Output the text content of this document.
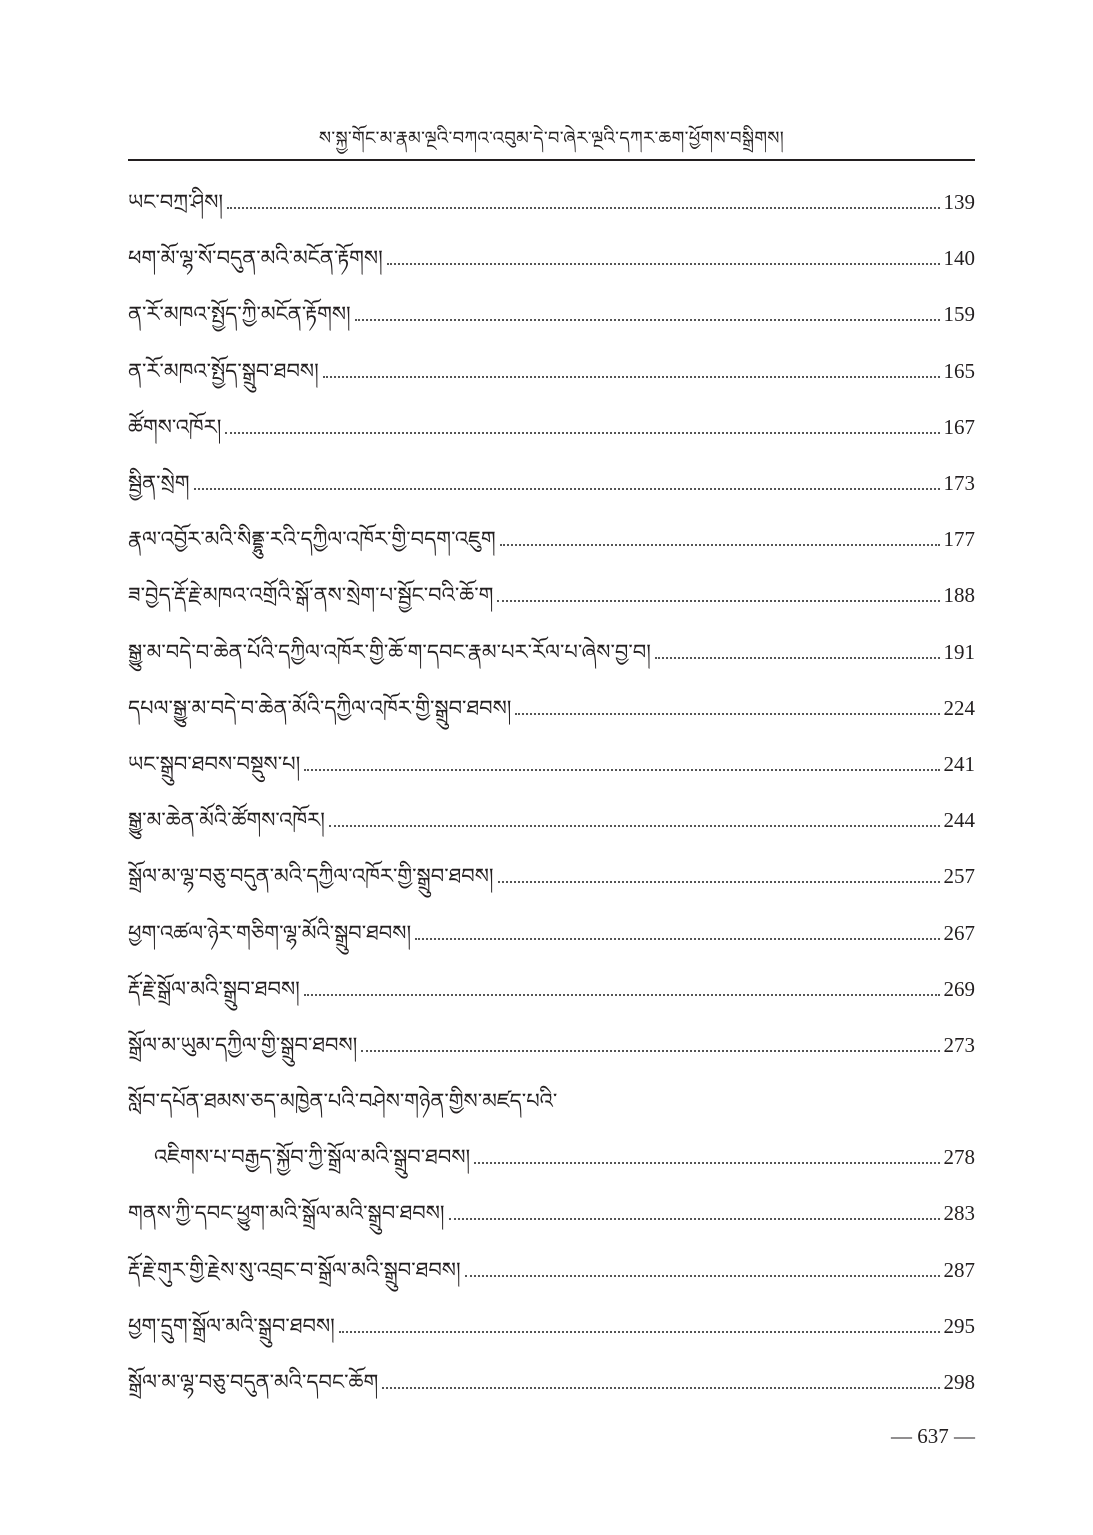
ས་སྐྱ་གོང་མ་རྣམ་ལྔའི་བཀའ་འབུམ་དེ་བ་ཞེར་ལྔའི་དཀར་ཆག་ཕྱོགས་བསྒྲིགས།
ཡང་བཀྲ་ཤིས།	139
ཕག་མོ་ལྷ་སོ་བདུན་མའི་མངོན་རྟོགས།	140
ན་རོ་མཁའ་སྤྱོད་ཀྱི་མངོན་རྟོགས།	159
ན་རོ་མཁའ་སྤྱོད་སྒྲུབ་ཐབས།	165
ཚོགས་འཁོར།	167
སྦྱིན་སྲེག	173
རྣལ་འབྱོར་མའི་སིནྡྷུ་རའི་དཀྱིལ་འཁོར་གྱི་བདག་འཇུག	177
ཟ་བྱེད་རྡོ་རྗེ་མཁའ་འགྲོའི་སྒོ་ནས་སྲེག་པ་སྦྱོང་བའི་ཆོ་ག	188
སྒྱུ་མ་བདེ་བ་ཆེན་པོའི་དཀྱིལ་འཁོར་གྱི་ཆོ་ག་དབང་རྣམ་པར་རོལ་པ་ཞེས་བྱ་བ།	191
དཔལ་སྒྱུ་མ་བདེ་བ་ཆེན་མོའི་དཀྱིལ་འཁོར་གྱི་སྒྲུབ་ཐབས།	224
ཡང་སྒྲུབ་ཐབས་བསྡུས་པ།	241
སྒྱུ་མ་ཆེན་མོའི་ཚོགས་འཁོར།	244
སྒྲོལ་མ་ལྷ་བཅུ་བདུན་མའི་དཀྱིལ་འཁོར་གྱི་སྒྲུབ་ཐབས།	257
ཕྱག་འཚལ་ཉེར་གཅིག་ལྷ་མོའི་སྒྲུབ་ཐབས།	267
རྡོ་རྗེ་སྒྲོལ་མའི་སྒྲུབ་ཐབས།	269
སྒྲོལ་མ་ཡུམ་དཀྱིལ་གྱི་སྒྲུབ་ཐབས།	273
སློབ་དཔོན་ཐམས་ཅད་མཁྱེན་པའི་བཤེས་གཉེན་གྱིས་མཛད་པའི་
འཇིགས་པ་བརྒྱད་སྐྱོབ་ཀྱི་སྒྲོལ་མའི་སྒྲུབ་ཐབས།	278
གནས་ཀྱི་དབང་ཕྱུག་མའི་སྒྲོལ་མའི་སྒྲུབ་ཐབས།	283
རྡོ་རྗེ་གུར་གྱི་རྗེས་སུ་འབྲང་བ་སྒྲོལ་མའི་སྒྲུབ་ཐབས།	287
ཕྱག་དྲུག་སྒྲོལ་མའི་སྒྲུབ་ཐབས།	295
སྒྲོལ་མ་ལྷ་བཅུ་བདུན་མའི་དབང་ཆོག	298
— 637 —
